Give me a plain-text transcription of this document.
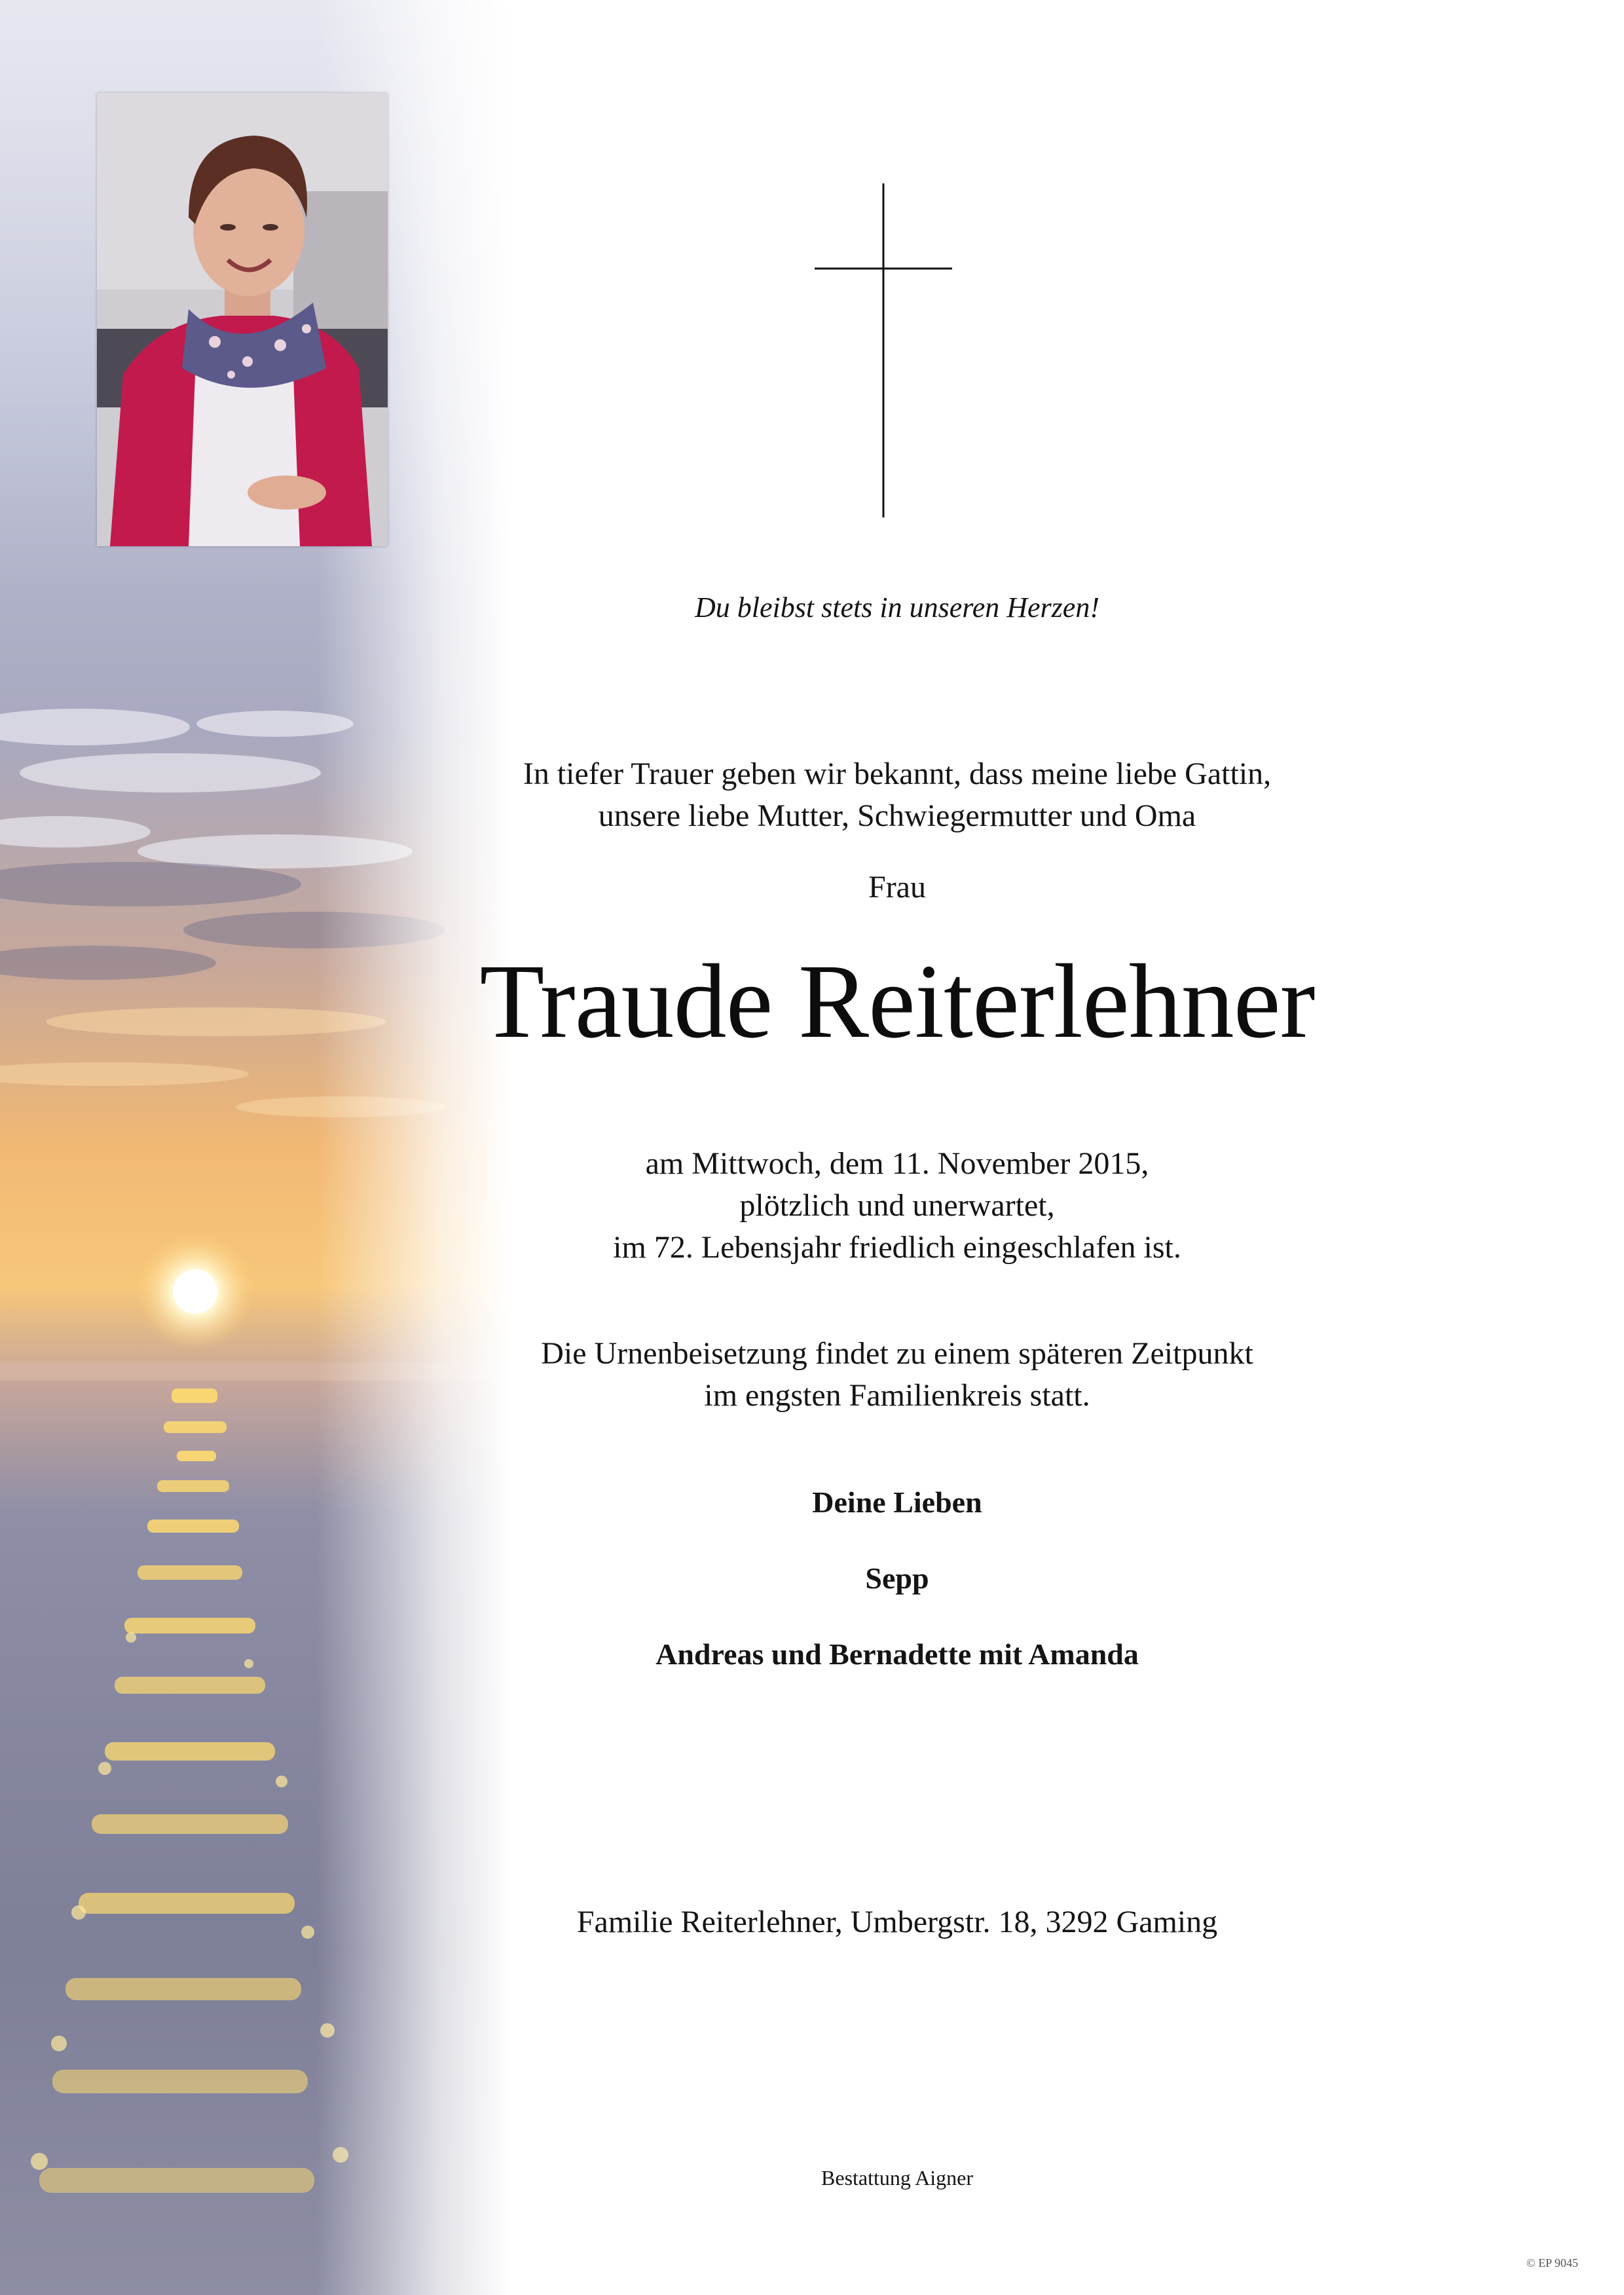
Du bleibst stets in unseren Herzen!
In tiefer Trauer geben wir bekannt, dass meine liebe Gattin,
unsere liebe Mutter, Schwiegermutter und Oma
Frau
Traude Reiterlehner
am Mittwoch, dem 11. November 2015,
plötzlich und unerwartet,
im 72. Lebensjahr friedlich eingeschlafen ist.
Die Urnenbeisetzung findet zu einem späteren Zeitpunkt
im engsten Familienkreis statt.
Deine Lieben
Sepp
Andreas und Bernadette mit Amanda
Familie Reiterlehner, Umbergstr. 18, 3292 Gaming
Bestattung Aigner
© EP 9045
